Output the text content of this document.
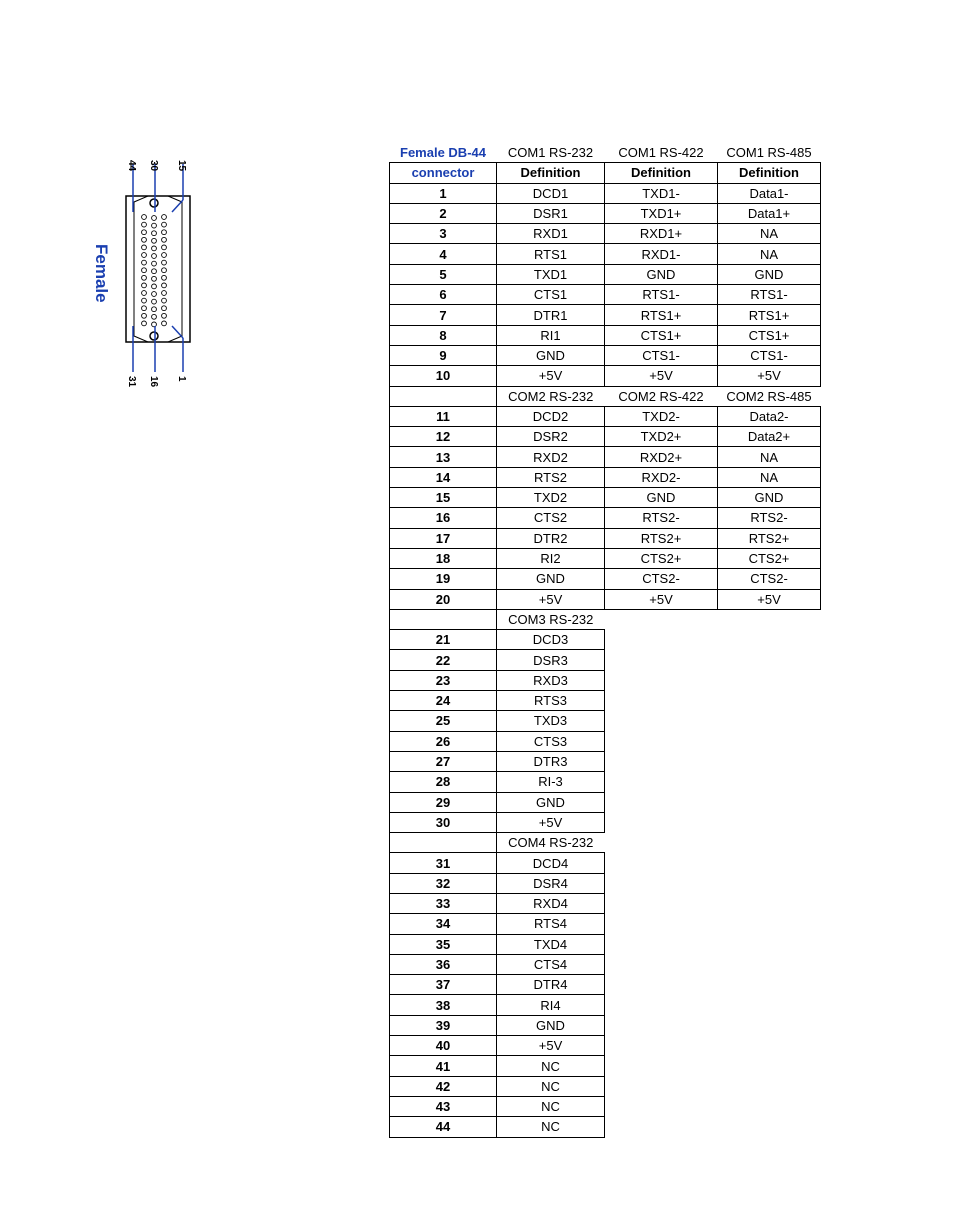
44 30 15
31 16 1
Female
Female DB-44	COM1 RS-232	COM1 RS-422	COM1 RS-485
connector	Definition	Definition	Definition
1	DCD1	TXD1-	Data1-
2	DSR1	TXD1+	Data1+
3	RXD1	RXD1+	NA
4	RTS1	RXD1-	NA
5	TXD1	GND	GND
6	CTS1	RTS1-	RTS1-
7	DTR1	RTS1+	RTS1+
8	RI1	CTS1+	CTS1+
9	GND	CTS1-	CTS1-
10	+5V	+5V	+5V
	COM2 RS-232	COM2 RS-422	COM2 RS-485
11	DCD2	TXD2-	Data2-
12	DSR2	TXD2+	Data2+
13	RXD2	RXD2+	NA
14	RTS2	RXD2-	NA
15	TXD2	GND	GND
16	CTS2	RTS2-	RTS2-
17	DTR2	RTS2+	RTS2+
18	RI2	CTS2+	CTS2+
19	GND	CTS2-	CTS2-
20	+5V	+5V	+5V
	COM3 RS-232		
21	DCD3		
22	DSR3		
23	RXD3		
24	RTS3		
25	TXD3		
26	CTS3		
27	DTR3		
28	RI-3		
29	GND		
30	+5V		
	COM4 RS-232		
31	DCD4		
32	DSR4		
33	RXD4		
34	RTS4		
35	TXD4		
36	CTS4		
37	DTR4		
38	RI4		
39	GND		
40	+5V		
41	NC		
42	NC		
43	NC		
44	NC		
